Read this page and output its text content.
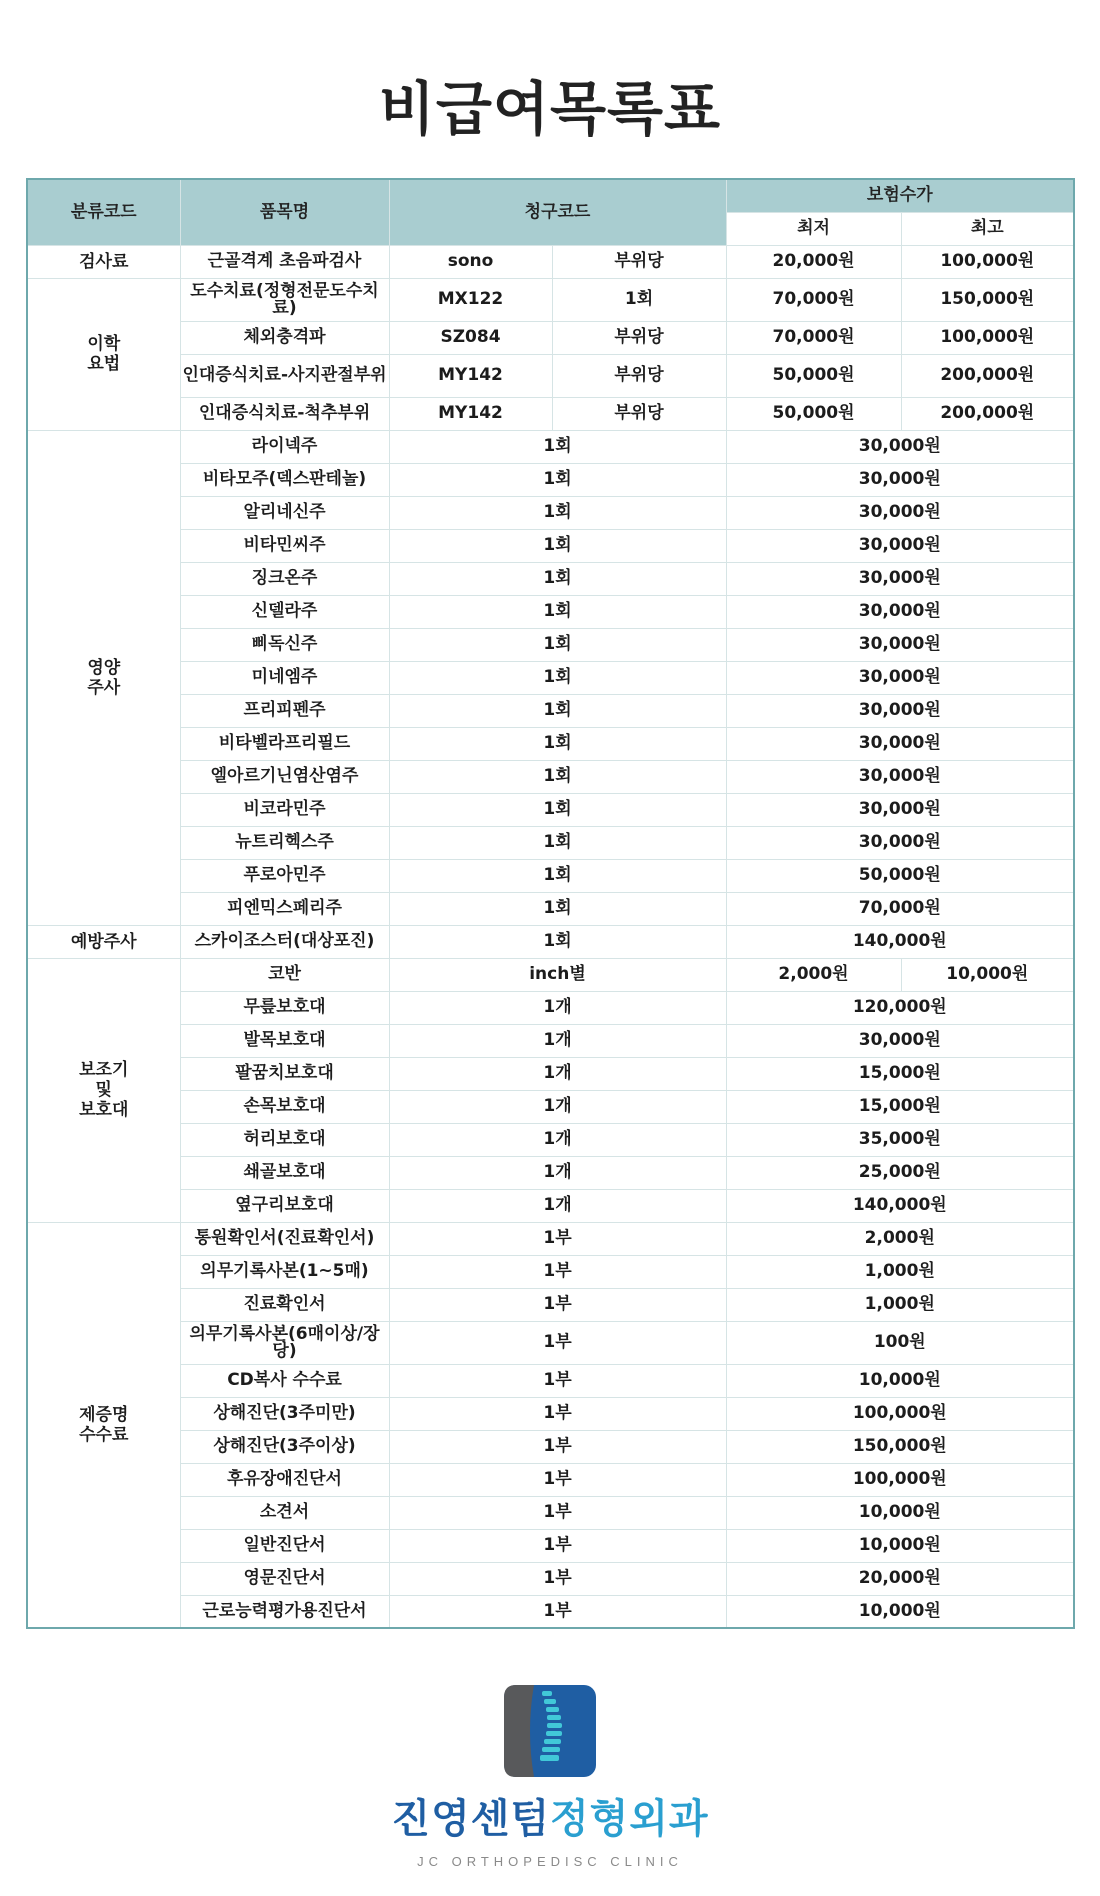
비급여목록표
분류코드	품목명	청구코드		보험수가	
				최저	최고
검사료	근골격계 초음파검사	sono	부위당	20,000원	100,000원
이학
요법	도수치료(정형전문도수치료)	MX122	1회	70,000원	150,000원
	체외충격파	SZ084	부위당	70,000원	100,000원
	인대증식치료-사지관절부위	MY142	부위당	50,000원	200,000원
	인대증식치료-척추부위	MY142	부위당	50,000원	200,000원
영양
주사	라이넥주	1회		30,000원	
	비타모주(덱스판테놀)	1회		30,000원	
	알리네신주	1회		30,000원	
	비타민씨주	1회		30,000원	
	징크온주	1회		30,000원	
	신델라주	1회		30,000원	
	삐독신주	1회		30,000원	
	미네엠주	1회		30,000원	
	프리피펜주	1회		30,000원	
	비타벨라프리필드	1회		30,000원	
	엘아르기닌염산염주	1회		30,000원	
	비코라민주	1회		30,000원	
	뉴트리헥스주	1회		30,000원	
	푸로아민주	1회		50,000원	
	피엔믹스페리주	1회		70,000원	
예방주사	스카이조스터(대상포진)	1회		140,000원	
보조기
및
보호대	코반	inch별		2,000원	10,000원
	무릎보호대	1개		120,000원	
	발목보호대	1개		30,000원	
	팔꿈치보호대	1개		15,000원	
	손목보호대	1개		15,000원	
	허리보호대	1개		35,000원	
	쇄골보호대	1개		25,000원	
	옆구리보호대	1개		140,000원	
제증명
수수료	통원확인서(진료확인서)	1부		2,000원	
	의무기록사본(1~5매)	1부		1,000원	
	진료확인서	1부		1,000원	
	의무기록사본(6매이상/장당)	1부		100원	
	CD복사 수수료	1부		10,000원	
	상해진단(3주미만)	1부		100,000원	
	상해진단(3주이상)	1부		150,000원	
	후유장애진단서	1부		100,000원	
	소견서	1부		10,000원	
	일반진단서	1부		10,000원	
	영문진단서	1부		20,000원	
	근로능력평가용진단서	1부		10,000원	
진영센텀정형외과
JC ORTHOPEDISC CLINIC
